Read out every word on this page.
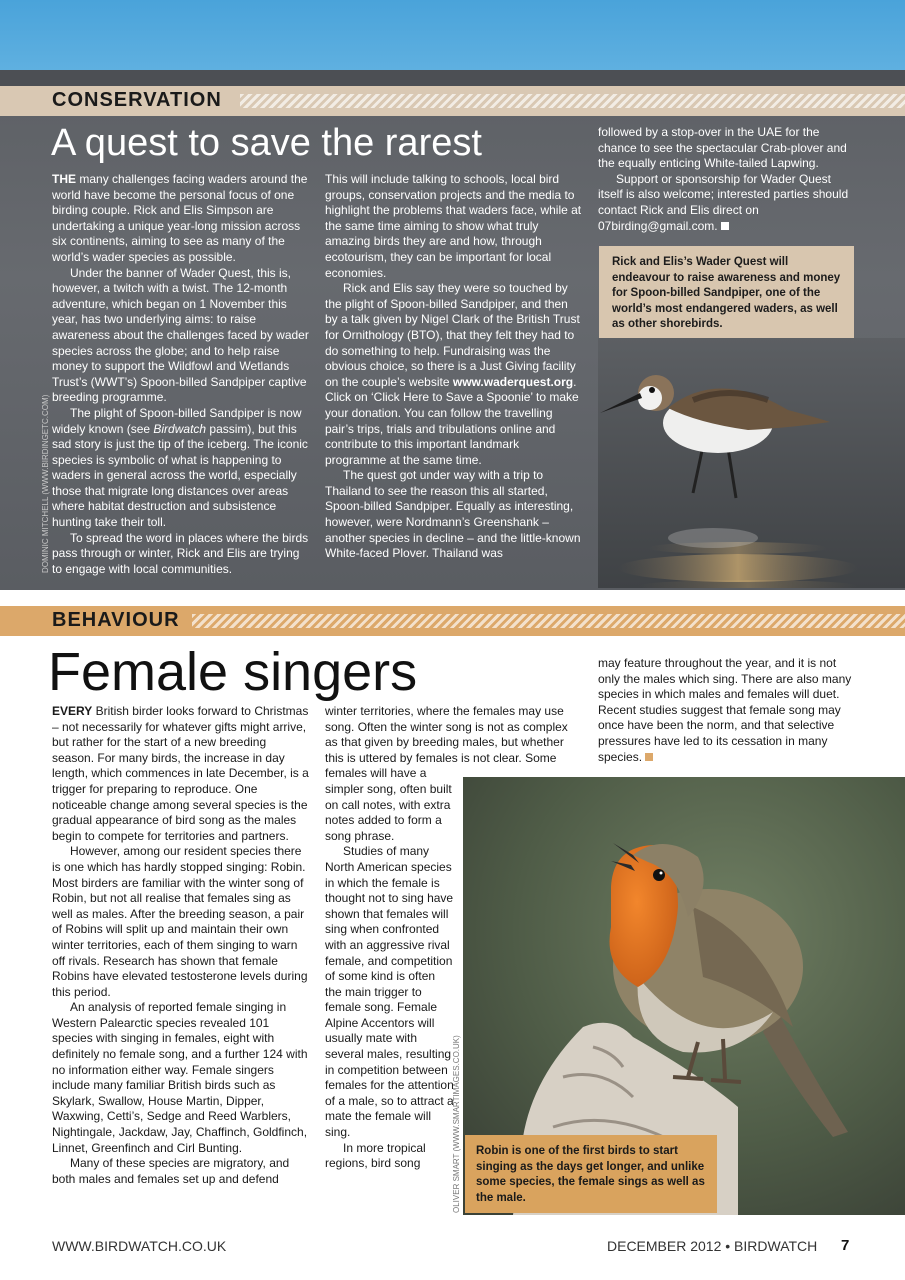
CONSERVATION
A quest to save the rarest

THE many challenges facing waders around the world have become the personal focus of one birding couple. Rick and Elis Simpson are undertaking a unique year-long mission across six continents, aiming to see as many of the world’s wader species as possible.

Under the banner of Wader Quest, this is, however, a twitch with a twist. The 12-month adventure, which began on 1 November this year, has two underlying aims: to raise awareness about the challenges faced by wader species across the globe; and to help raise money to support the Wildfowl and Wetlands Trust’s (WWT’s) Spoon-billed Sandpiper captive breeding programme.

The plight of Spoon-billed Sandpiper is now widely known (see Birdwatch passim), but this sad story is just the tip of the iceberg. The iconic species is symbolic of what is happening to waders in general across the world, especially those that migrate long distances over areas where habitat destruction and subsistence hunting take their toll.

To spread the word in places where the birds pass through or winter, Rick and Elis are trying to engage with local communities.

This will include talking to schools, local bird groups, conservation projects and the media to highlight the problems that waders face, while at the same time aiming to show what truly amazing birds they are and how, through ecotourism, they can be important for local economies.

Rick and Elis say they were so touched by the plight of Spoon-billed Sandpiper, and then by a talk given by Nigel Clark of the British Trust for Ornithology (BTO), that they felt they had to do something to help. Fundraising was the obvious choice, so there is a Just Giving facility on the couple’s website www.waderquest.org. Click on ‘Click Here to Save a Spoonie’ to make your donation. You can follow the travelling pair’s trips, trials and tribulations online and contribute to this important landmark programme at the same time.

The quest got under way with a trip to Thailand to see the reason this all started, Spoon-billed Sandpiper. Equally as interesting, however, were Nordmann’s Greenshank – another species in decline – and the little-known White-faced Plover. Thailand was

followed by a stop-over in the UAE for the chance to see the spectacular Crab-plover and the equally enticing White-tailed Lapwing.

Support or sponsorship for Wader Quest itself is also welcome; interested parties should contact Rick and Elis direct on 07birding@gmail.com.

Rick and Elis’s Wader Quest will endeavour to raise awareness and money for Spoon-billed Sandpiper, one of the world’s most endangered waders, as well as other shorebirds.
DOMINIC MITCHELL (WWW.BIRDINGETC.COM)
BEHAVIOUR
Female singers

EVERY British birder looks forward to Christmas – not necessarily for whatever gifts might arrive, but rather for the start of a new breeding season. For many birds, the increase in day length, which commences in late December, is a trigger for preparing to reproduce. One noticeable change among several species is the gradual appearance of bird song as the males begin to compete for territories and partners.

However, among our resident species there is one which has hardly stopped singing: Robin. Most birders are familiar with the winter song of Robin, but not all realise that females sing as well as males. After the breeding season, a pair of Robins will split up and maintain their own winter territories, each of them singing to warn off rivals. Research has shown that female Robins have elevated testosterone levels during this period.

An analysis of reported female singing in Western Palearctic species revealed 101 species with singing in females, eight with definitely no female song, and a further 124 with no information either way. Female singers include many familiar British birds such as Skylark, Swallow, House Martin, Dipper, Waxwing, Cetti’s, Sedge and Reed Warblers, Nightingale, Jackdaw, Jay, Chaffinch, Goldfinch, Linnet, Greenfinch and Cirl Bunting.

Many of these species are migratory, and both males and females set up and defend

winter territories, where the females may use song. Often the winter song is not as complex as that given by breeding males, but whether this is uttered by females is not clear. Some

females will have a simpler song, often built on call notes, with extra notes added to form a song phrase.

Studies of many North American species in which the female is thought not to sing have shown that females will sing when confronted with an aggressive rival female, and competition of some kind is often the main trigger to female song. Female Alpine Accentors will usually mate with several males, resulting in competition between females for the attention of a male, so to attract a mate the female will sing.

In more tropical regions, bird song

may feature throughout the year, and it is not only the males which sing. There are also many species in which males and females will duet. Recent studies suggest that female song may once have been the norm, and that selective pressures have led to its cessation in many species.

Robin is one of the first birds to start singing as the days get longer, and unlike some species, the female sings as well as the male.
OLIVER SMART (WWW.SMARTIMAGES.CO.UK)
WWW.BIRDWATCH.CO.UK	DECEMBER 2012 • BIRDWATCH 7
